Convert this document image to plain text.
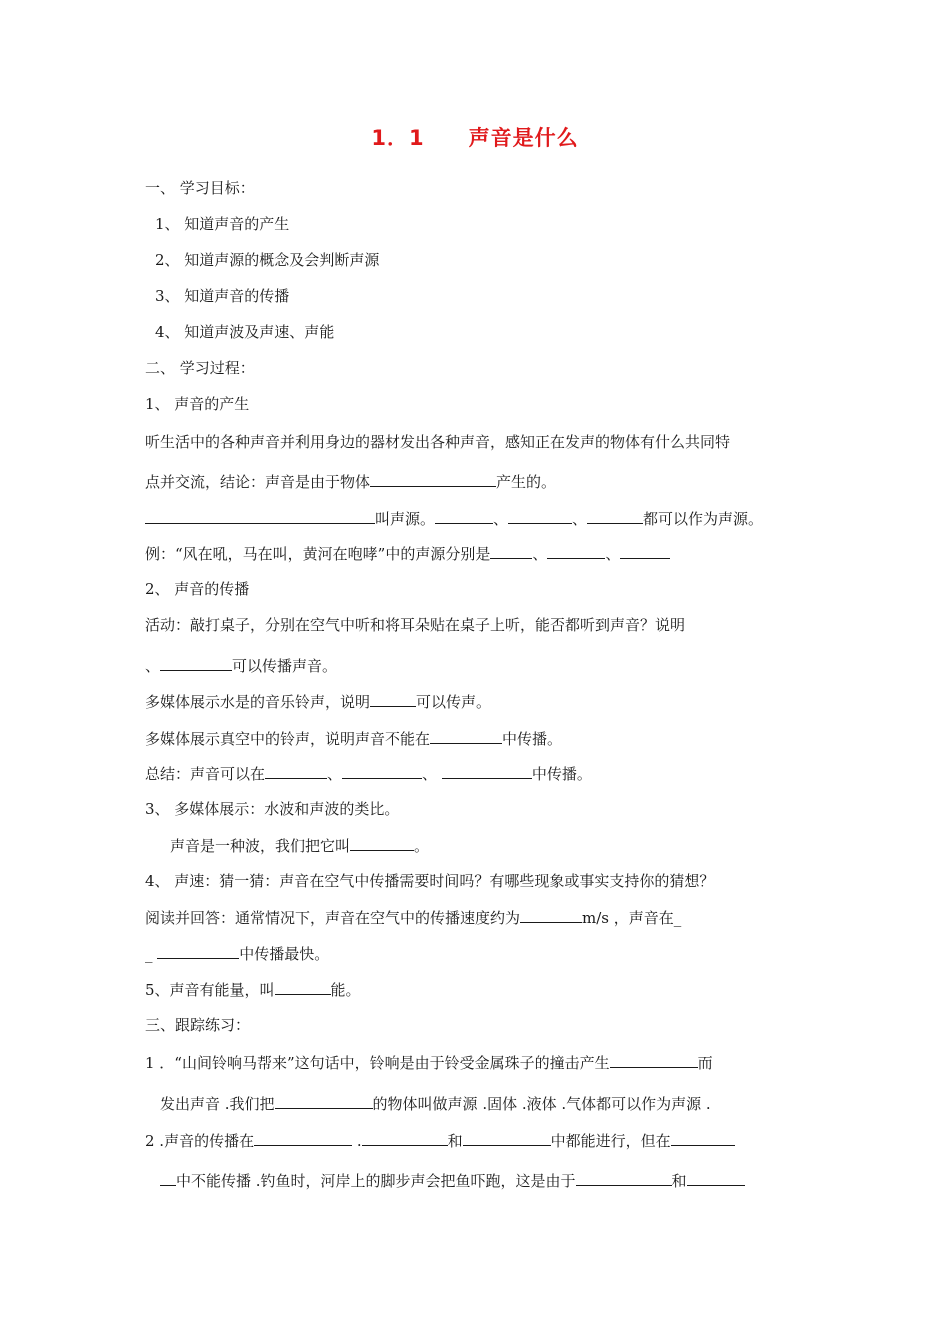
1．1　　声音是什么
一、 学习目标：
1、 知道声音的产生
2、 知道声源的概念及会判断声源
3、 知道声音的传播
4、 知道声波及声速、声能
二、 学习过程：
1、 声音的产生
听生活中的各种声音并利用身边的器材发出各种声音，感知正在发声的物体有什么共同特
点并交流，结论：声音是由于物体	产生的。
叫声源。	、	、	都可以作为声源。
例：“风在吼，马在叫，黄河在咆哮”中的声源分别是	、	、
2、 声音的传播
活动：敲打桌子，分别在空气中听和将耳朵贴在桌子上听，能否都听到声音？说明
、	可以传播声音。
多媒体展示水是的音乐铃声，说明	可以传声。
多媒体展示真空中的铃声，说明声音不能在	中传播。
总结：声音可以在	、	、	中传播。
3、 多媒体展示：水波和声波的类比。
声音是一种波，我们把它叫	。
4、 声速：猜一猜：声音在空气中传播需要时间吗？有哪些现象或事实支持你的猜想？
阅读并回答：通常情况下，声音在空气中的传播速度约为	m/s ，声音在_
_	中传播最快。
5、声音有能量，叫	能。
三、跟踪练习：
1 ．“山间铃响马帮来”这句话中，铃响是由于铃受金属珠子的撞击产生	而
发出声音 .我们把	的物体叫做声源 .固体 .液体 .气体都可以作为声源 .
2 .声音的传播在	.	和	中都能进行，但在
中不能传播 .钓鱼时，河岸上的脚步声会把鱼吓跑，这是由于	和
